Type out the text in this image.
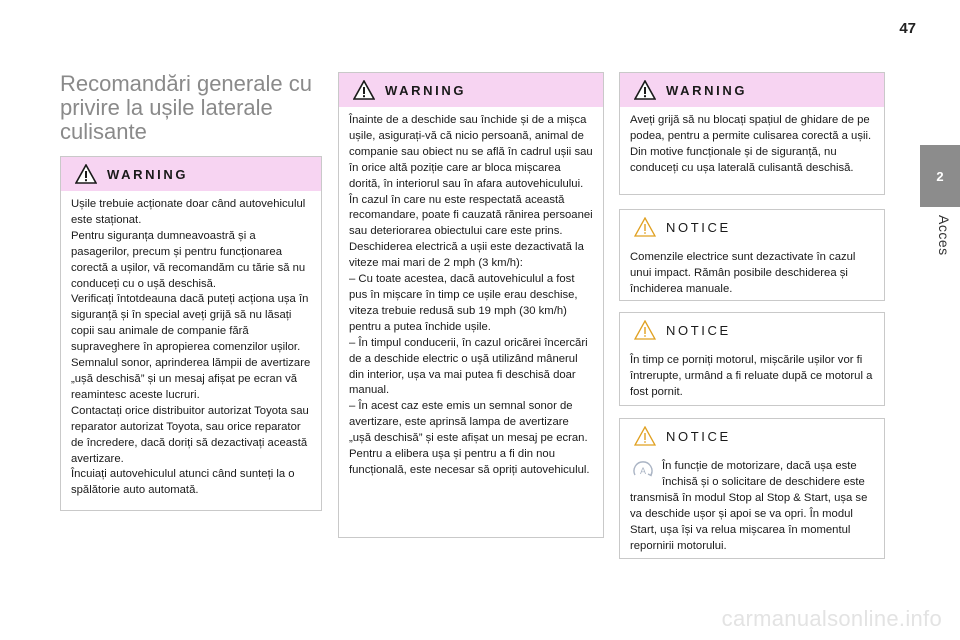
47
2
Acces
Recomandări generale cu privire la ușile laterale culisante
WARNING

Ușile trebuie acționate doar când autovehiculul este staționat.

Pentru siguranța dumneavoastră și a pasagerilor, precum și pentru funcționarea corectă a ușilor, vă recomandăm cu tărie să nu conduceți cu o ușă deschisă.

Verificați întotdeauna dacă puteți acționa ușa în siguranță și în special aveți grijă să nu lăsați copii sau animale de companie fără supraveghere în apropierea comenzilor ușilor.

Semnalul sonor, aprinderea lămpii de avertizare „ușă deschisă” și un mesaj afișat pe ecran vă reamintesc aceste lucruri.

Contactați orice distribuitor autorizat Toyota sau reparator autorizat Toyota, sau orice reparator de încredere, dacă doriți să dezactivați această avertizare.

Încuiați autovehiculul atunci când sunteți la o spălătorie auto automată.

WARNING

Înainte de a deschide sau închide și de a mișca ușile, asigurați-vă că nicio persoană, animal de companie sau obiect nu se află în cadrul ușii sau în orice altă poziție care ar bloca mișcarea dorită, în interiorul sau în afara autovehiculului.

În cazul în care nu este respectată această recomandare, poate fi cauzată rănirea persoanei sau deteriorarea obiectului care este prins.

Deschiderea electrică a ușii este dezactivată la viteze mai mari de 2 mph (3 km/h):

– Cu toate acestea, dacă autovehiculul a fost pus în mișcare în timp ce ușile erau deschise, viteza trebuie redusă sub 19 mph (30 km/h) pentru a putea închide ușile.

– În timpul conducerii, în cazul oricărei încercări de a deschide electric o ușă utilizând mânerul din interior, ușa va mai putea fi deschisă doar manual.

– În acest caz este emis un semnal sonor de avertizare, este aprinsă lampa de avertizare „ușă deschisă” și este afișat un mesaj pe ecran. Pentru a elibera ușa și pentru a fi din nou funcțională, este necesar să opriți autovehiculul.

WARNING

Aveți grijă să nu blocați spațiul de ghidare de pe podea, pentru a permite culisarea corectă a ușii.

Din motive funcționale și de siguranță, nu conduceți cu ușa laterală culisantă deschisă.

NOTICE

Comenzile electrice sunt dezactivate în cazul unui impact. Rămân posibile deschiderea și închiderea manuale.

NOTICE

În timp ce porniți motorul, mișcările ușilor vor fi întrerupte, urmând a fi reluate după ce motorul a fost pornit.

NOTICE
A	În funcție de motorizare, dacă ușa este închisă și o solicitare de deschidere este transmisă în modul Stop al Stop & Start, ușa se va deschide ușor și apoi se va opri. În modul Start, ușa își va relua mișcarea în momentul repornirii motorului.

carmanualsonline.info
